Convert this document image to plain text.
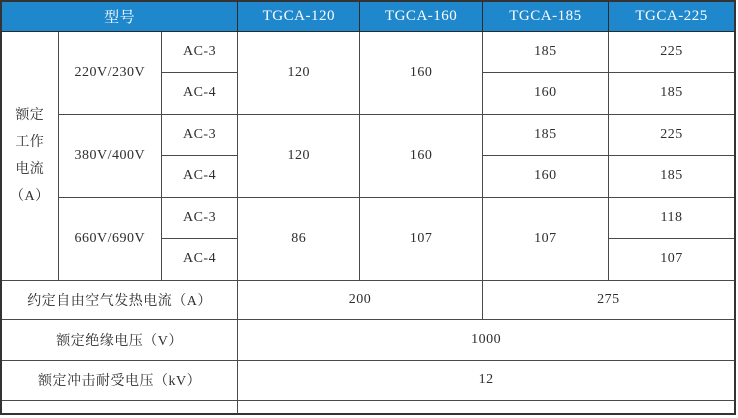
型号			TGCA-120	TGCA-160	TGCA-185	TGCA-225

额定
工作
电流
（A）	220V/230V	AC-3	120	160	185	225
		AC-4			160	185
	380V/400V	AC-3	120	160	185	225
		AC-4			160	185
	660V/690V	AC-3	86	107	107	118
		AC-4				107
约定自由空气发热电流（A）			200		275	
额定绝缘电压（V）			1000			
额定冲击耐受电压（kV）			12			
